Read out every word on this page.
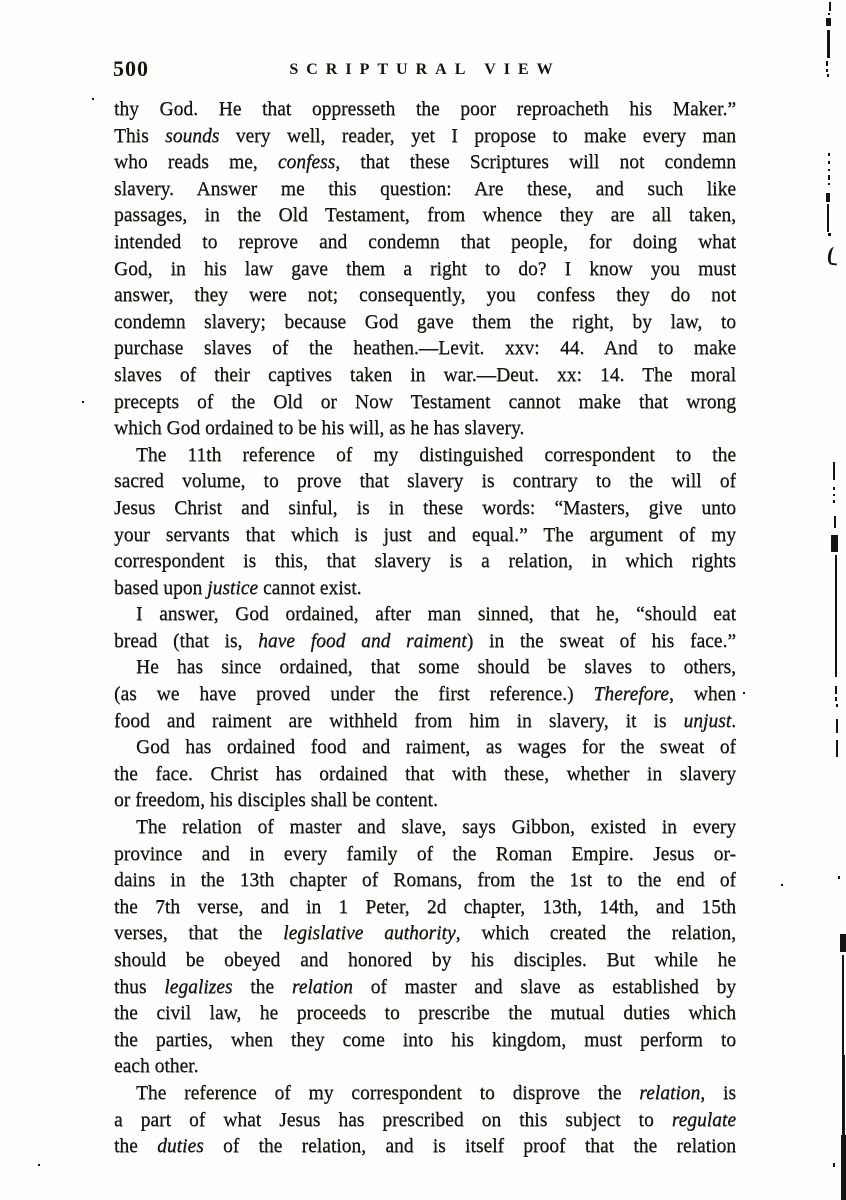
500	SCRIPTURAL VIEW
thy God. He that oppresseth the poor reproacheth his Maker.”
This sounds very well, reader, yet I propose to make every man
who reads me, confess, that these Scriptures will not condemn
slavery. Answer me this question: Are these, and such like
passages, in the Old Testament, from whence they are all taken,
intended to reprove and condemn that people, for doing what
God, in his law gave them a right to do? I know you must
answer, they were not; consequently, you confess they do not
condemn slavery; because God gave them the right, by law, to
purchase slaves of the heathen.—Levit. xxv: 44. And to make
slaves of their captives taken in war.—Deut. xx: 14. The moral
precepts of the Old or Now Testament cannot make that wrong
which God ordained to be his will, as he has slavery.
The 11th reference of my distinguished correspondent to the
sacred volume, to prove that slavery is contrary to the will of
Jesus Christ and sinful, is in these words: “Masters, give unto
your servants that which is just and equal.” The argument of my
correspondent is this, that slavery is a relation, in which rights
based upon justice cannot exist.
I answer, God ordained, after man sinned, that he, “should eat
bread (that is, have food and raiment) in the sweat of his face.”
He has since ordained, that some should be slaves to others,
(as we have proved under the first reference.) Therefore, when
food and raiment are withheld from him in slavery, it is unjust.
God has ordained food and raiment, as wages for the sweat of
the face. Christ has ordained that with these, whether in slavery
or freedom, his disciples shall be content.
The relation of master and slave, says Gibbon, existed in every
province and in every family of the Roman Empire. Jesus or-
dains in the 13th chapter of Romans, from the 1st to the end of
the 7th verse, and in 1 Peter, 2d chapter, 13th, 14th, and 15th
verses, that the legislative authority, which created the relation,
should be obeyed and honored by his disciples. But while he
thus legalizes the relation of master and slave as established by
the civil law, he proceeds to prescribe the mutual duties which
the parties, when they come into his kingdom, must perform to
each other.
The reference of my correspondent to disprove the relation, is
a part of what Jesus has prescribed on this subject to regulate
the duties of the relation, and is itself proof that the relation
